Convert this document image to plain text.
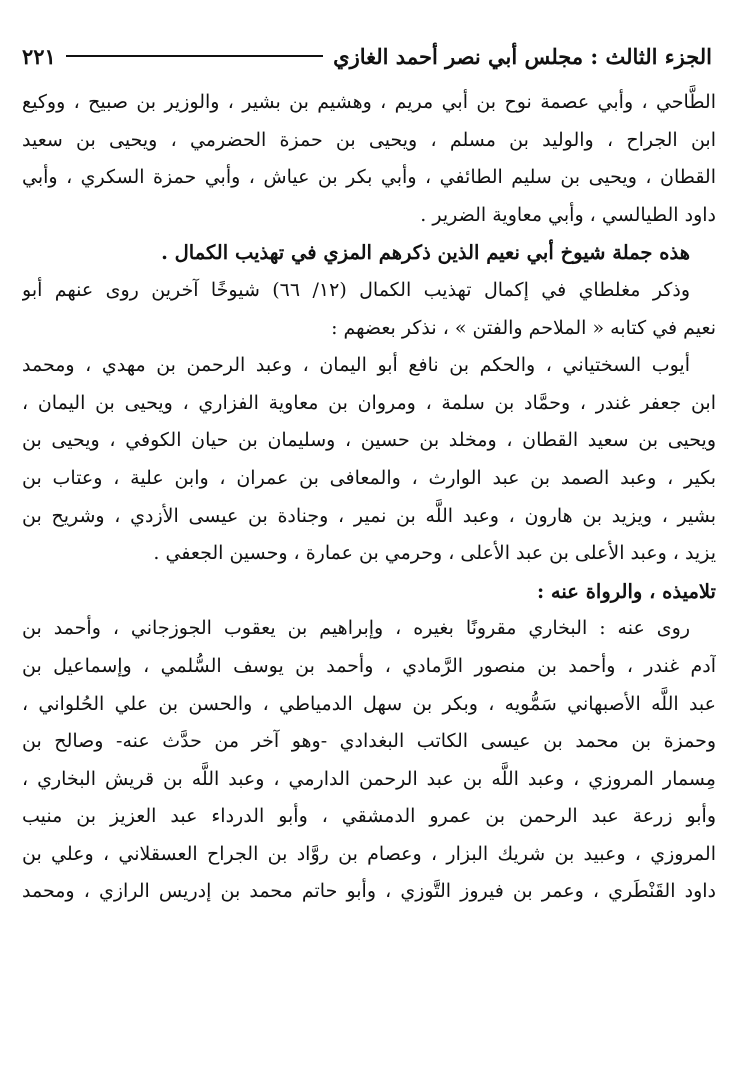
الجزء الثالث : مجلس أبي نصر أحمد الغازي
٢٢١
الطَّاحي ، وأبي عصمة نوح بن أبي مريم ، وهشيم بن بشير ، والوزير بن صبيح ، ووكيع
ابن الجراح ، والوليد بن مسلم ، ويحيى بن حمزة الحضرمي ، ويحيى بن سعيد
القطان ، ويحيى بن سليم الطائفي ، وأبي بكر بن عياش ، وأبي حمزة السكري ، وأبي
داود الطيالسي ، وأبي معاوية الضرير .
هذه جملة شيوخ أبي نعيم الذين ذكرهم المزي في تهذيب الكمال .
وذكر مغلطاي في إكمال تهذيب الكمال (١٢/ ٦٦) شيوخًا آخرين روى عنهم أبو
نعيم في كتابه « الملاحم والفتن » ، نذكر بعضهم :
أيوب السختياني ، والحكم بن نافع أبو اليمان ، وعبد الرحمن بن مهدي ، ومحمد
ابن جعفر غندر ، وحمَّاد بن سلمة ، ومروان بن معاوية الفزاري ، ويحيى بن اليمان ،
ويحيى بن سعيد القطان ، ومخلد بن حسين ، وسليمان بن حيان الكوفي ، ويحيى بن
بكير ، وعبد الصمد بن عبد الوارث ، والمعافى بن عمران ، وابن علية ، وعتاب بن
بشير ، ويزيد بن هارون ، وعبد اللَّه بن نمير ، وجنادة بن عيسى الأزدي ، وشريح بن
يزيد ، وعبد الأعلى بن عبد الأعلى ، وحرمي بن عمارة ، وحسين الجعفي .
تلاميذه ، والرواة عنه :
روى عنه : البخاري مقرونًا بغيره ، وإبراهيم بن يعقوب الجوزجاني ، وأحمد بن
آدم غندر ، وأحمد بن منصور الرَّمادي ، وأحمد بن يوسف السُّلمي ، وإسماعيل بن
عبد اللَّه الأصبهاني سَمُّويه ، وبكر بن سهل الدمياطي ، والحسن بن علي الحُلواني ،
وحمزة بن محمد بن عيسى الكاتب البغدادي -وهو آخر من حدَّث عنه- وصالح بن
مِسمار المروزي ، وعبد اللَّه بن عبد الرحمن الدارمي ، وعبد اللَّه بن قريش البخاري ،
وأبو زرعة عبد الرحمن بن عمرو الدمشقي ، وأبو الدرداء عبد العزيز بن منيب
المروزي ، وعبيد بن شريك البزار ، وعصام بن روَّاد بن الجراح العسقلاني ، وعلي بن
داود القَنْطَري ، وعمر بن فيروز التَّوزي ، وأبو حاتم محمد بن إدريس الرازي ، ومحمد
